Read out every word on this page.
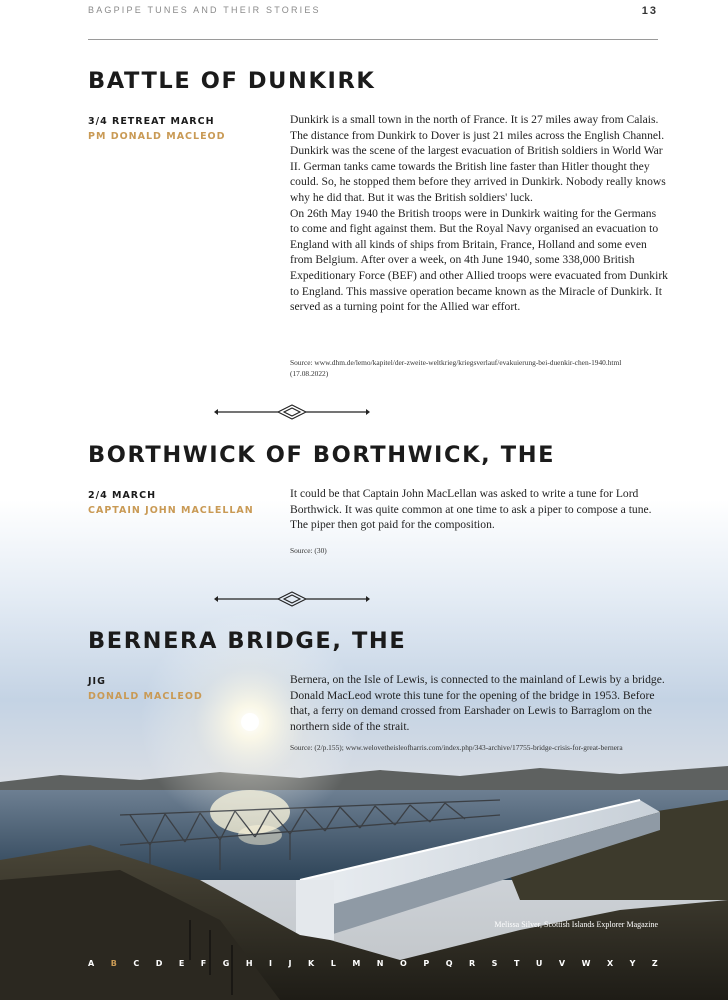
BAGPIPE TUNES AND THEIR STORIES	13
BATTLE OF DUNKIRK
3/4 RETREAT MARCH
PM DONALD MACLEOD

Dunkirk is a small town in the north of France. It is 27 miles away from Calais. The distance from Dunkirk to Dover is just 21 miles across the English Channel. Dunkirk was the scene of the largest evacuation of British soldiers in World War II. German tanks came towards the British line faster than Hitler thought they could. So, he stopped them before they arrived in Dunkirk. Nobody really knows why he did that. But it was the British soldiers' luck.

On 26th May 1940 the British troops were in Dunkirk waiting for the Germans to come and fight against them. But the Royal Navy organised an evacuation to England with all kinds of ships from Britain, France, Holland and some even from Belgium. After over a week, on 4th June 1940, some 338,000 British Expeditionary Force (BEF) and other Allied troops were evacuated from Dunkirk to England. This massive operation became known as the Miracle of Dunkirk. It served as a turning point for the Allied war effort.

Source: www.dhm.de/lemo/kapitel/der-zweite-weltkrieg/kriegsverlauf/evakuierung-bei-duenkir-chen-1940.html (17.08.2022)
BORTHWICK OF BORTHWICK, THE
2/4 MARCH
CAPTAIN JOHN MACLELLAN

It could be that Captain John MacLellan was asked to write a tune for Lord Borthwick. It was quite common at one time to ask a piper to compose a tune. The piper then got paid for the composition.

Source: (30)
BERNERA BRIDGE, THE
JIG
DONALD MACLEOD

Bernera, on the Isle of Lewis, is connected to the mainland of Lewis by a bridge. Donald MacLeod wrote this tune for the opening of the bridge in 1953. Before that, a ferry on demand crossed from Earshader on Lewis to Barraglom on the northern side of the strait.

Source: (2/p.155); www.welovetheisleofharris.com/index.php/343-archive/17755-bridge-crisis-for-great-bernera
Melissa Silver, Scottish Islands Explorer Magazine
A B C D E F G H I J K L M N O P Q R S T U V W X Y Z
